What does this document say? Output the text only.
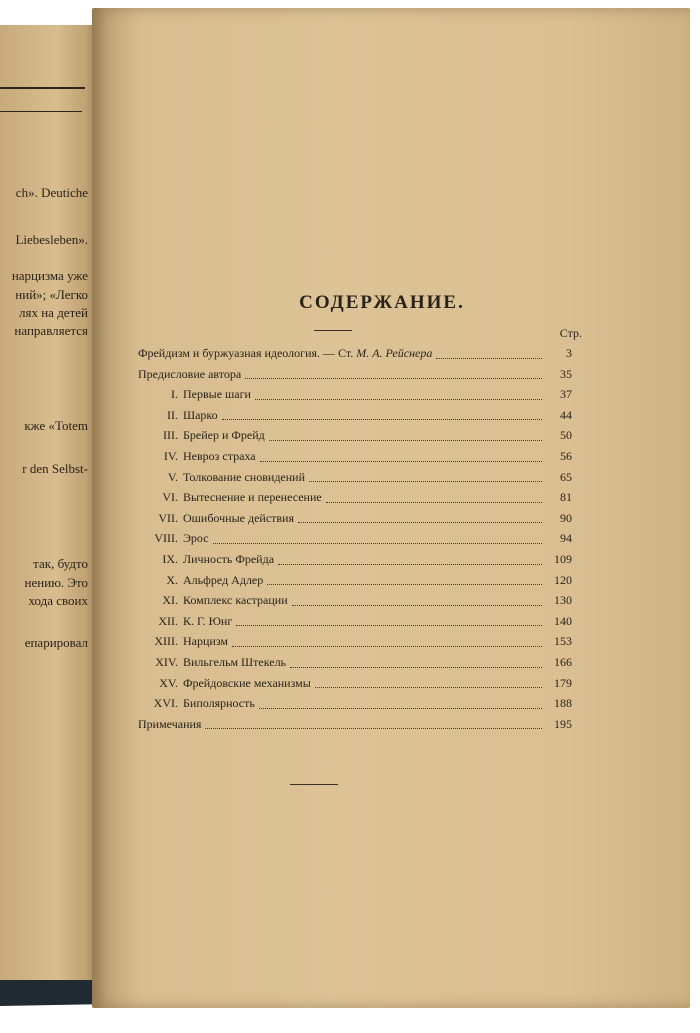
ch». Deutiche
Liebesleben».
нарцизма уже
ний»; «Легко
лях на детей
направляется
кже «Totem
r den Selbst-
так, будто
нению. Это
хода своих
епарировал
СОДЕРЖАНИЕ.
Стр.
Фрейдизм и буржуазная идеология. — Ст. М. А. Рейснера	3
Предисловие автора	35
I. Первые шаги	37
II. Шарко	44
III. Брейер и Фрейд	50
IV. Невроз страха	56
V. Толкование сновидений	65
VI. Вытеснение и перенесение	81
VII. Ошибочные действия	90
VIII. Эрос	94
IX. Личность Фрейда	109
X. Альфред Адлер	120
XI. Комплекс кастрации	130
XII. К. Г. Юнг	140
XIII. Нарцизм	153
XIV. Вильгельм Штекель	166
XV. Фрейдовские механизмы	179
XVI. Биполярность	188
Примечания	195
